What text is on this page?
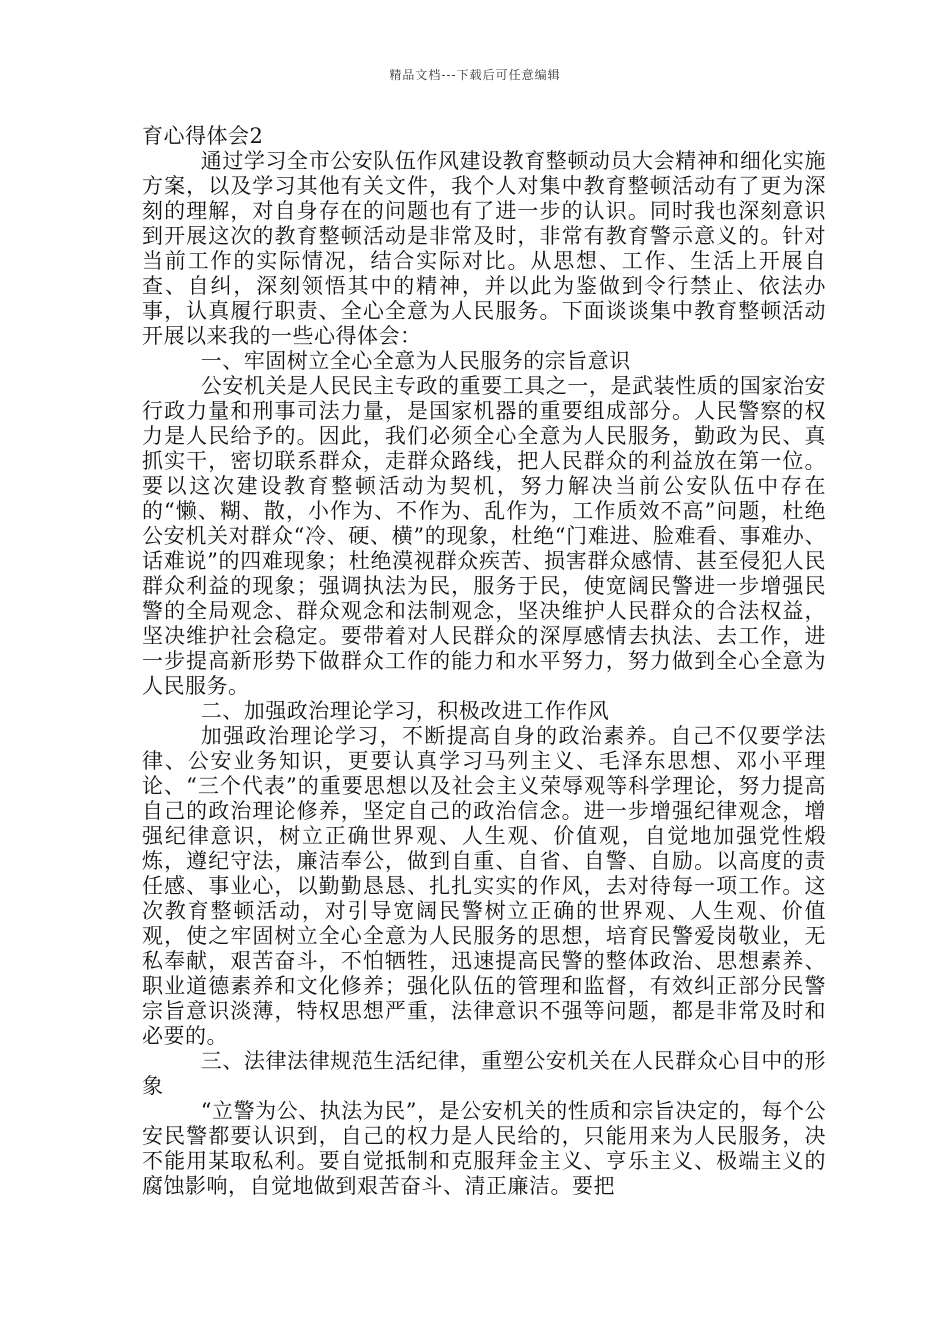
精品文档---下载后可任意编辑

育心得体会2

通过学习全市公安队伍作风建设教育整顿动员大会精神和细化实施方案，以及学习其他有关文件，我个人对集中教育整顿活动有了更为深刻的理解，对自身存在的问题也有了进一步的认识。同时我也深刻意识到开展这次的教育整顿活动是非常及时，非常有教育警示意义的。针对当前工作的实际情况，结合实际对比。从思想、工作、生活上开展自查、自纠，深刻领悟其中的精神，并以此为鉴做到令行禁止、依法办事，认真履行职责、全心全意为人民服务。下面谈谈集中教育整顿活动开展以来我的一些心得体会：

一、牢固树立全心全意为人民服务的宗旨意识

公安机关是人民民主专政的重要工具之一，是武装性质的国家治安行政力量和刑事司法力量，是国家机器的重要组成部分。人民警察的权力是人民给予的。因此，我们必须全心全意为人民服务，勤政为民、真抓实干，密切联系群众，走群众路线，把人民群众的利益放在第一位。要以这次建设教育整顿活动为契机，努力解决当前公安队伍中存在的“懒、糊、散，小作为、不作为、乱作为，工作质效不高”问题，杜绝公安机关对群众“冷、硬、横”的现象，杜绝“门难进、脸难看、事难办、话难说”的四难现象；杜绝漠视群众疾苦、损害群众感情、甚至侵犯人民群众利益的现象；强调执法为民，服务于民，使宽阔民警进一步增强民警的全局观念、群众观念和法制观念，坚决维护人民群众的合法权益，坚决维护社会稳定。要带着对人民群众的深厚感情去执法、去工作，进一步提高新形势下做群众工作的能力和水平努力，努力做到全心全意为人民服务。

二、加强政治理论学习，积极改进工作作风

加强政治理论学习，不断提高自身的政治素养。自己不仅要学法律、公安业务知识，更要认真学习马列主义、毛泽东思想、邓小平理论、“三个代表”的重要思想以及社会主义荣辱观等科学理论，努力提高自己的政治理论修养，坚定自己的政治信念。进一步增强纪律观念，增强纪律意识，树立正确世界观、人生观、价值观，自觉地加强党性煅炼，遵纪守法，廉洁奉公，做到自重、自省、自警、自励。以高度的责任感、事业心，以勤勤恳恳、扎扎实实的作风，去对待每一项工作。这次教育整顿活动，对引导宽阔民警树立正确的世界观、人生观、价值观，使之牢固树立全心全意为人民服务的思想，培育民警爱岗敬业，无私奉献，艰苦奋斗，不怕牺牲，迅速提高民警的整体政治、思想素养、职业道德素养和文化修养；强化队伍的管理和监督，有效纠正部分民警宗旨意识淡薄，特权思想严重，法律意识不强等问题，都是非常及时和必要的。

三、法律法律规范生活纪律，重塑公安机关在人民群众心目中的形象

“立警为公、执法为民”，是公安机关的性质和宗旨决定的，每个公安民警都要认识到，自己的权力是人民给的，只能用来为人民服务，决不能用某取私利。要自觉抵制和克服拜金主义、亨乐主义、极端主义的腐蚀影响，自觉地做到艰苦奋斗、清正廉洁。要把
